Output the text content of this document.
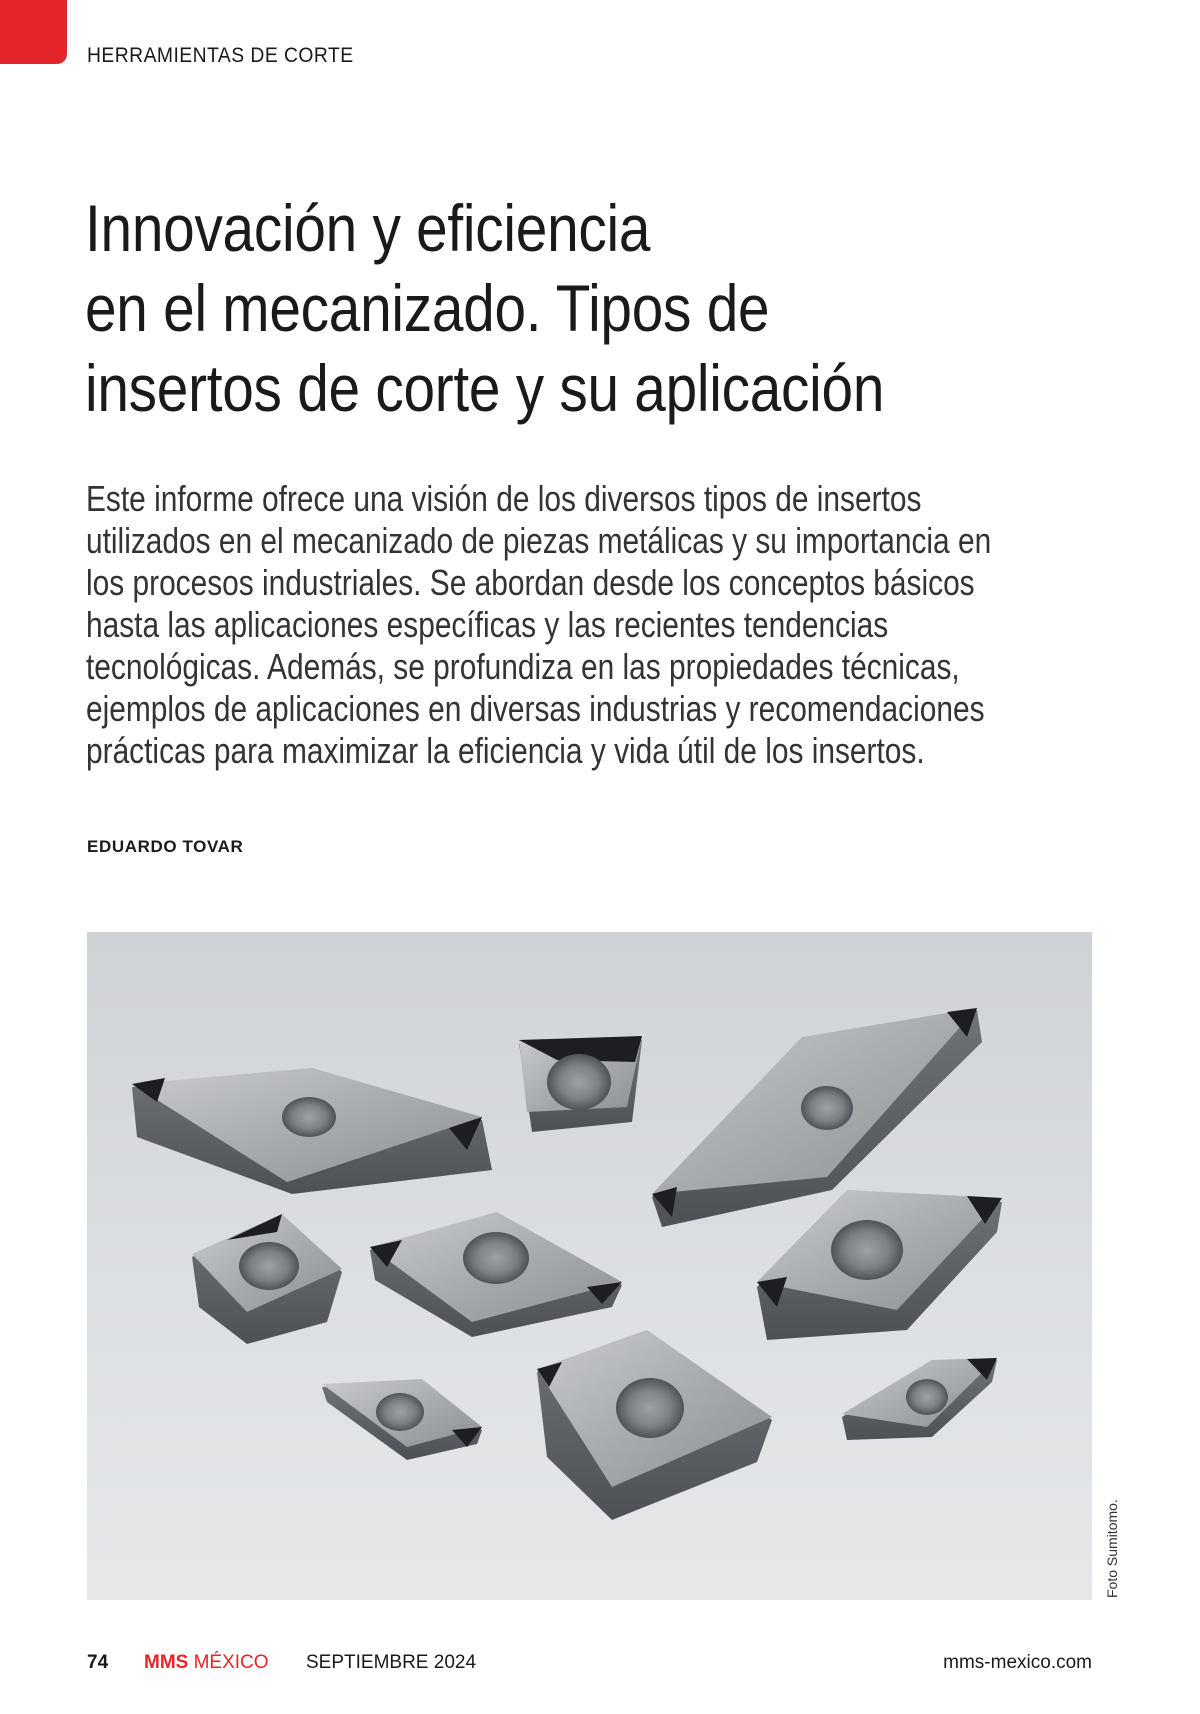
HERRAMIENTAS DE CORTE
Innovación y eficiencia
en el mecanizado. Tipos de
insertos de corte y su aplicación
Este informe ofrece una visión de los diversos tipos de insertos
utilizados en el mecanizado de piezas metálicas y su importancia en
los procesos industriales. Se abordan desde los conceptos básicos
hasta las aplicaciones específicas y las recientes tendencias
tecnológicas. Además, se profundiza en las propiedades técnicas,
ejemplos de aplicaciones en diversas industrias y recomendaciones
prácticas para maximizar la eficiencia y vida útil de los insertos.
EDUARDO TOVAR
Foto Sumitomo.
74 MMS MÉXICO SEPTIEMBRE 2024	mms-mexico.com
